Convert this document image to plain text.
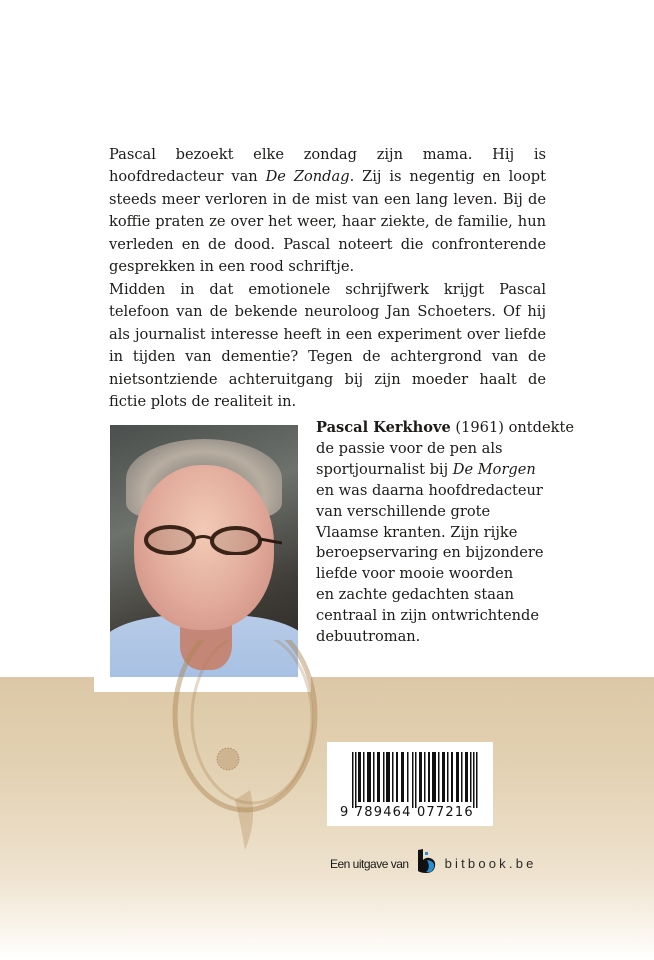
Pascal bezoekt elke zondag zijn mama. Hij is hoofdredacteur van De Zondag. Zij is negentig en loopt steeds meer verloren in de mist van een lang leven. Bij de koffie praten ze over het weer, haar ziekte, de familie, hun verleden en de dood. Pascal noteert die confronterende gesprekken in een rood schriftje.

Midden in dat emotionele schrijfwerk krijgt Pascal telefoon van de bekende neuroloog Jan Schoeters. Of hij als journalist interesse heeft in een experiment over liefde in tijden van dementie? Tegen de achtergrond van de nietsontziende achteruitgang bij zijn moeder haalt de fictie plots de realiteit in.

Pascal Kerkhove (1961) ontdekte
de passie voor de pen als
sportjournalist bij De Morgen
en was daarna hoofdredacteur
van verschillende grote
Vlaamse kranten. Zijn rijke
beroepservaring en bijzondere
liefde voor mooie woorden
en zachte gedachten staan
centraal in zijn ontwrichtende
debuutroman.
9 789464 077216
Een uitgave van	bitbook.be
